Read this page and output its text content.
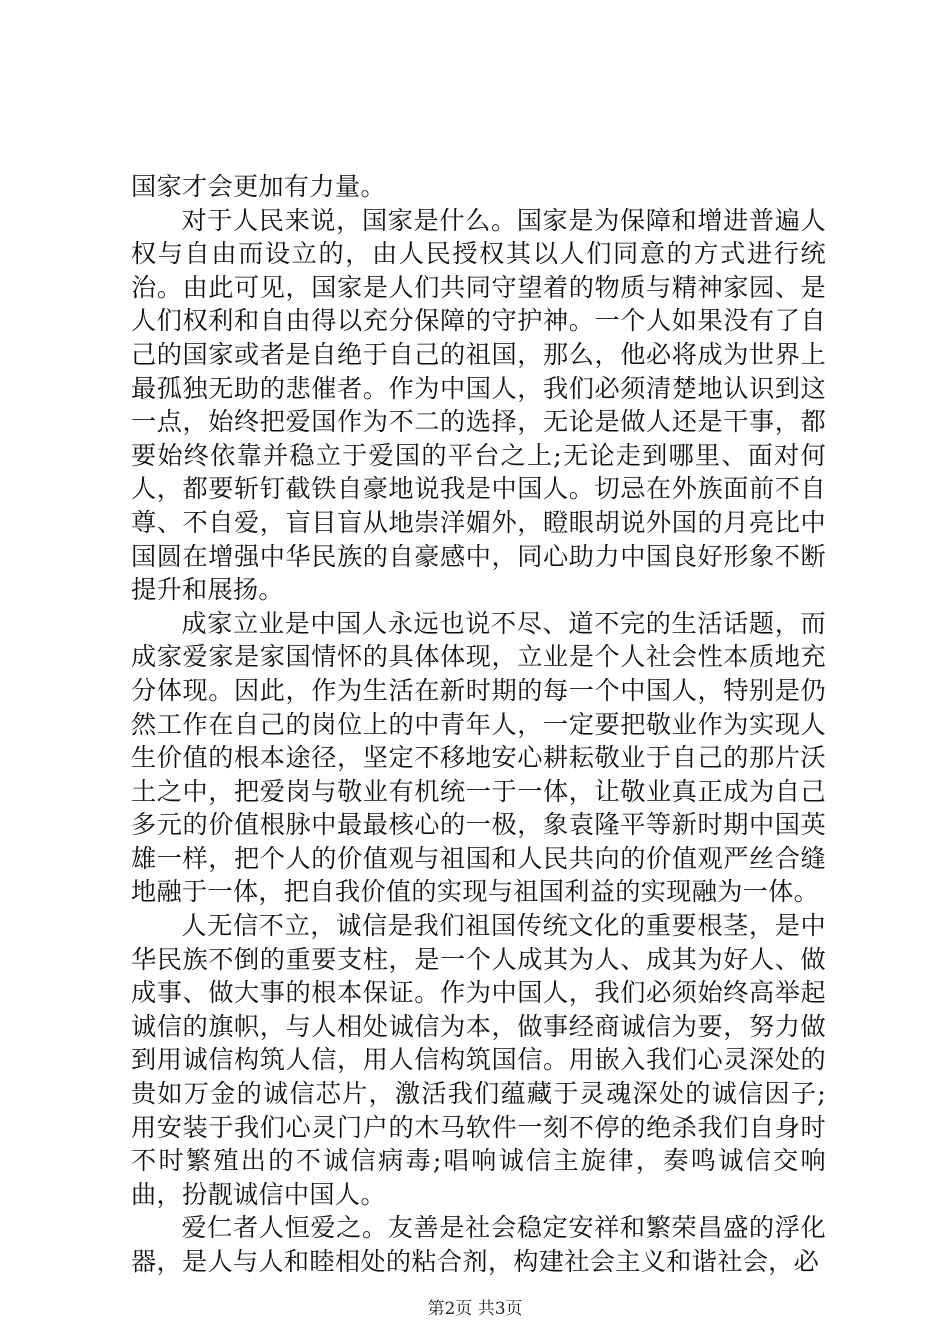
国家才会更加有力量。

对于人民来说，国家是什么。国家是为保障和增进普遍人权与自由而设立的，由人民授权其以人们同意的方式进行统治。由此可见，国家是人们共同守望着的物质与精神家园、是人们权利和自由得以充分保障的守护神。一个人如果没有了自己的国家或者是自绝于自己的祖国，那么，他必将成为世界上最孤独无助的悲催者。作为中国人，我们必须清楚地认识到这一点，始终把爱国作为不二的选择，无论是做人还是干事，都要始终依靠并稳立于爱国的平台之上;无论走到哪里、面对何人，都要斩钉截铁自豪地说我是中国人。切忌在外族面前不自尊、不自爱，盲目盲从地崇洋媚外，瞪眼胡说外国的月亮比中国圆在增强中华民族的自豪感中，同心助力中国良好形象不断提升和展扬。

成家立业是中国人永远也说不尽、道不完的生活话题，而成家爱家是家国情怀的具体体现，立业是个人社会性本质地充分体现。因此，作为生活在新时期的每一个中国人，特别是仍然工作在自己的岗位上的中青年人，一定要把敬业作为实现人生价值的根本途径，坚定不移地安心耕耘敬业于自己的那片沃土之中，把爱岗与敬业有机统一于一体，让敬业真正成为自己多元的价值根脉中最最核心的一极，象袁隆平等新时期中国英雄一样，把个人的价值观与祖国和人民共向的价值观严丝合缝地融于一体，把自我价值的实现与祖国利益的实现融为一体。

人无信不立，诚信是我们祖国传统文化的重要根茎，是中华民族不倒的重要支柱，是一个人成其为人、成其为好人、做成事、做大事的根本保证。作为中国人，我们必须始终高举起诚信的旗帜，与人相处诚信为本，做事经商诚信为要，努力做到用诚信构筑人信，用人信构筑国信。用嵌入我们心灵深处的贵如万金的诚信芯片，激活我们蕴藏于灵魂深处的诚信因子;用安装于我们心灵门户的木马软件一刻不停的绝杀我们自身时不时繁殖出的不诚信病毒;唱响诚信主旋律，奏鸣诚信交响曲，扮靓诚信中国人。

爱仁者人恒爱之。友善是社会稳定安祥和繁荣昌盛的浮化器，是人与人和睦相处的粘合剂，构建社会主义和谐社会，必

第2页 共3页
